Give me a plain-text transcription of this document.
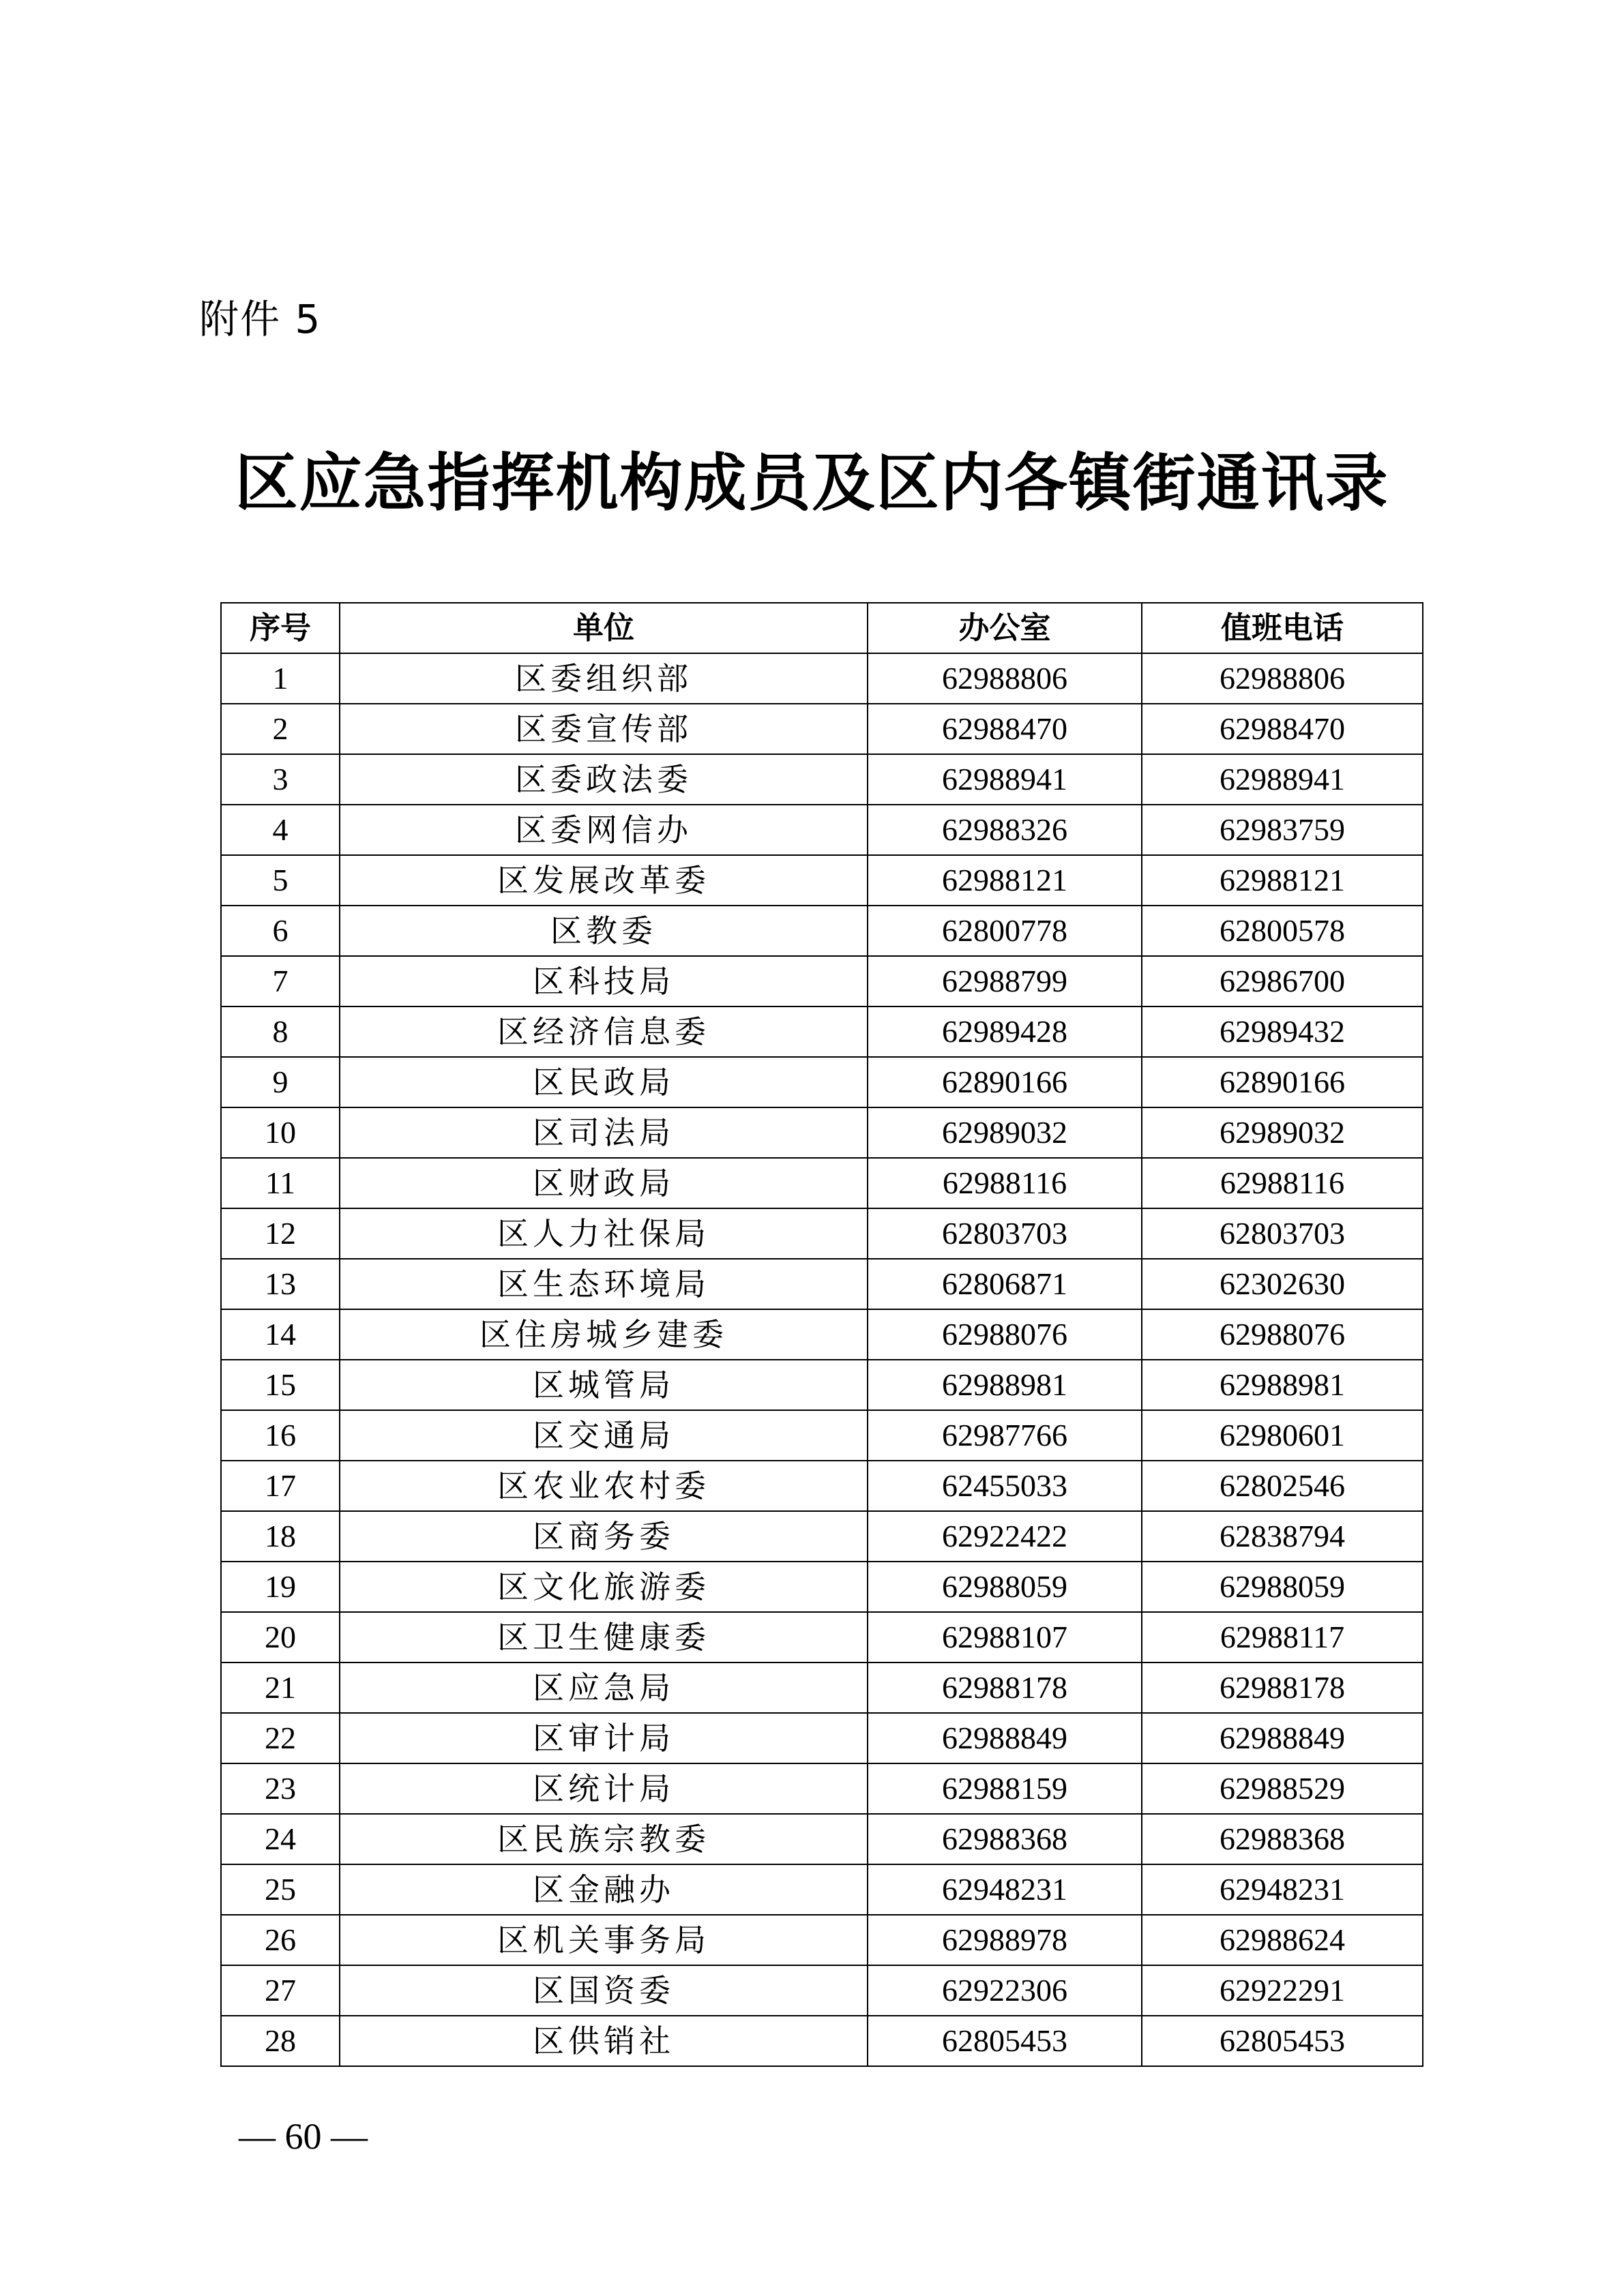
附件 5
区应急指挥机构成员及区内各镇街通讯录
序号	单位	办公室	值班电话
1	区委组织部	62988806	62988806
2	区委宣传部	62988470	62988470
3	区委政法委	62988941	62988941
4	区委网信办	62988326	62983759
5	区发展改革委	62988121	62988121
6	区教委	62800778	62800578
7	区科技局	62988799	62986700
8	区经济信息委	62989428	62989432
9	区民政局	62890166	62890166
10	区司法局	62989032	62989032
11	区财政局	62988116	62988116
12	区人力社保局	62803703	62803703
13	区生态环境局	62806871	62302630
14	区住房城乡建委	62988076	62988076
15	区城管局	62988981	62988981
16	区交通局	62987766	62980601
17	区农业农村委	62455033	62802546
18	区商务委	62922422	62838794
19	区文化旅游委	62988059	62988059
20	区卫生健康委	62988107	62988117
21	区应急局	62988178	62988178
22	区审计局	62988849	62988849
23	区统计局	62988159	62988529
24	区民族宗教委	62988368	62988368
25	区金融办	62948231	62948231
26	区机关事务局	62988978	62988624
27	区国资委	62922306	62922291
28	区供销社	62805453	62805453
— 60 —
